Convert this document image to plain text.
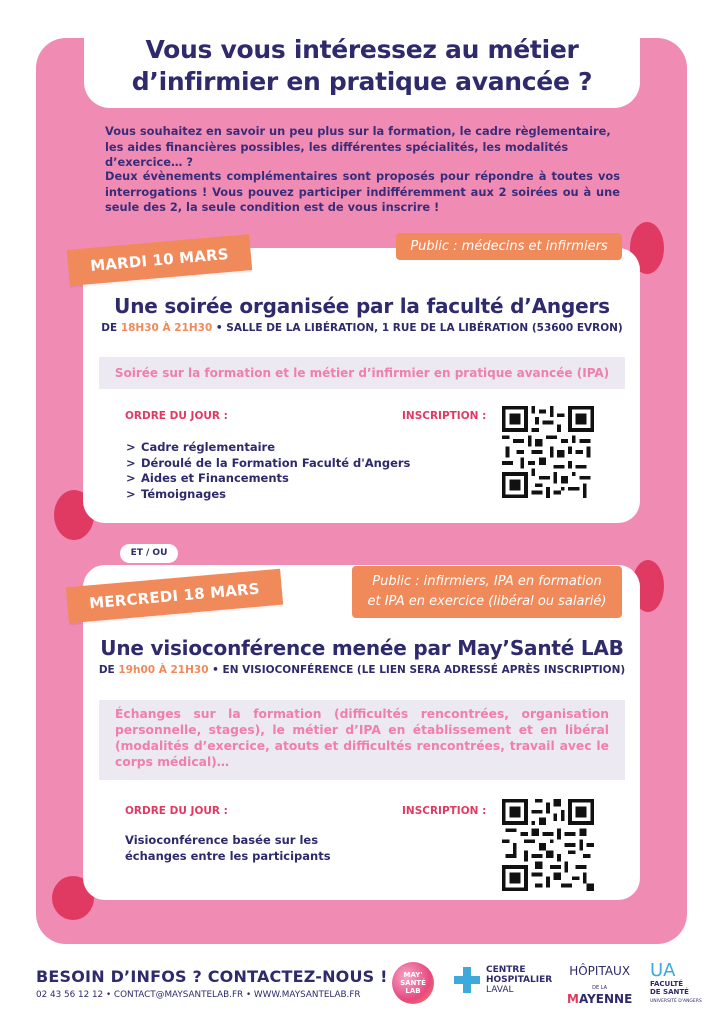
Vous vous intéressez au métier
d’infirmier en pratique avancée ?

Vous souhaitez en savoir un peu plus sur la formation, le cadre règlementaire, les aides financières possibles, les différentes spécialités, les modalités d’exercice… ?

Deux évènements complémentaires sont proposés pour répondre à toutes vos interrogations ! Vous pouvez participer indifféremment aux 2 soirées ou à une seule des 2, la seule condition est de vous inscrire !

MARDI 10 MARS	Public : médecins et infirmiers
Une soirée organisée par la faculté d’Angers
DE 18H30 À 21H30 • SALLE DE LA LIBÉRATION, 1 RUE DE LA LIBÉRATION (53600 EVRON)
Soirée sur la formation et le métier d’infirmier en pratique avancée (IPA)
ORDRE DU JOUR :	INSCRIPTION :
> Cadre réglementaire
> Déroulé de la Formation Faculté d'Angers
> Aides et Financements
> Témoignages
ET / OU
MERCREDI 18 MARS	Public : infirmiers, IPA en formation
et IPA en exercice (libéral ou salarié)
Une visioconférence menée par May’Santé LAB
DE 19h00 À 21H30 • EN VISIOCONFÉRENCE (LE LIEN SERA ADRESSÉ APRÈS INSCRIPTION)
Échanges sur la formation (difficultés rencontrées, organisation personnelle, stages), le métier d’IPA en établissement et en libéral (modalités d’exercice, atouts et difficultés rencontrées, travail avec le corps médical)…
ORDRE DU JOUR :	INSCRIPTION :
Visioconférence basée sur les
échanges entre les participants
BESOIN D’INFOS ? CONTACTEZ-NOUS !
02 43 56 12 12 • CONTACT@MAYSANTELAB.FR • WWW.MAYSANTELAB.FR
MAY'
SANTÉ
LAB
CENTRE
HOSPITALIER
LAVAL
HÔPITAUX
DE LA
MAYENNE
UA
FACULTÉ
DE SANTÉ
UNIVERSITÉ D'ANGERS
